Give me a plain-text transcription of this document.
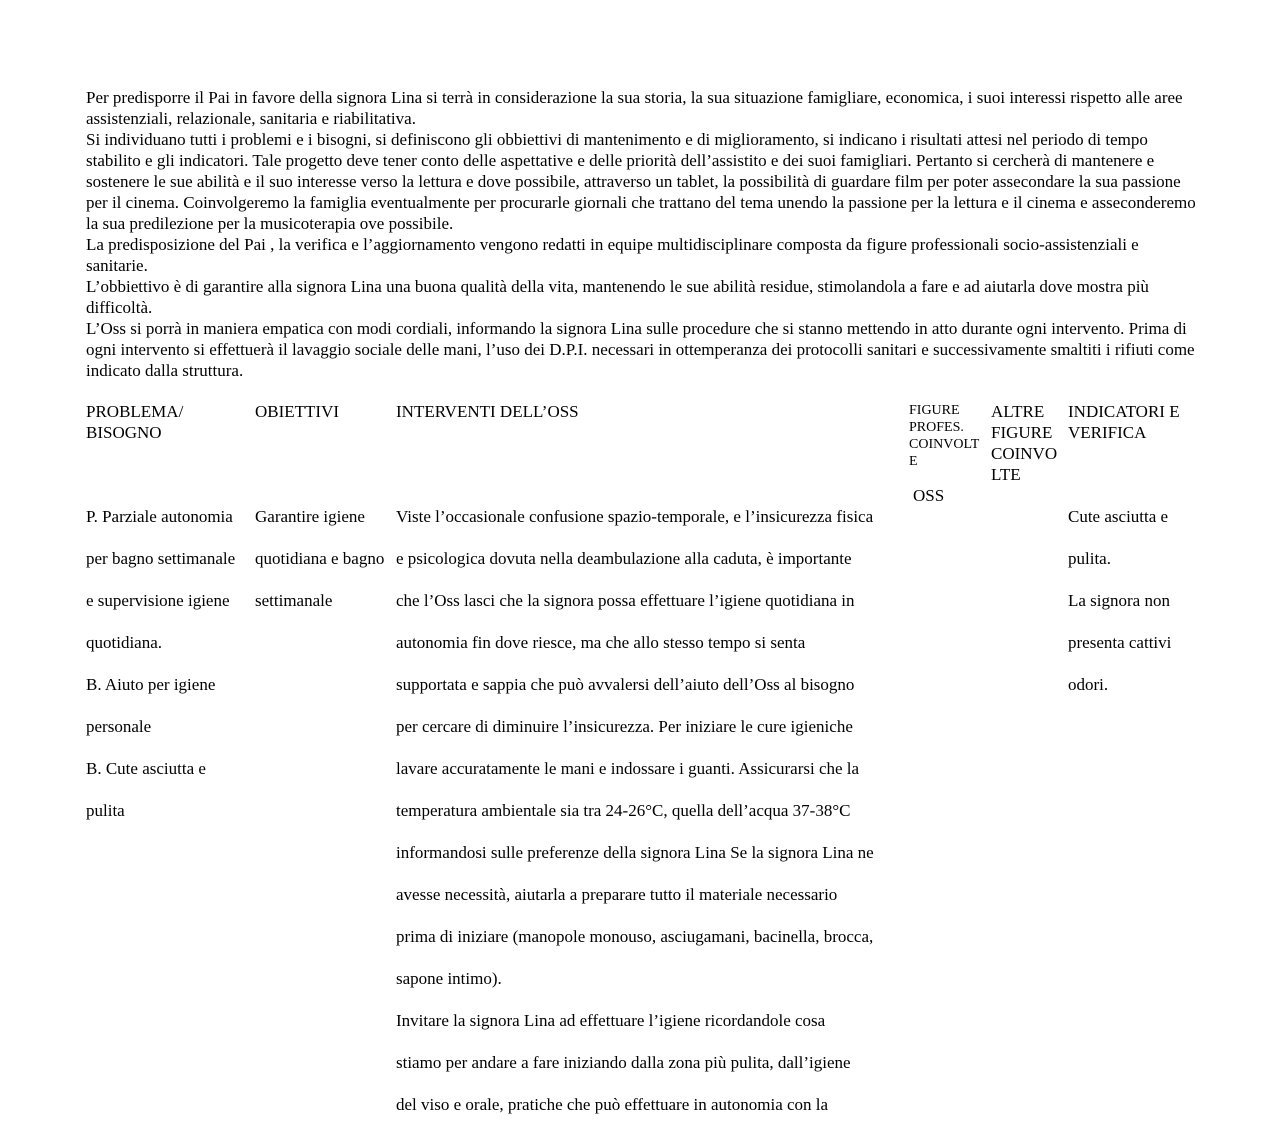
Per predisporre il Pai in favore della signora Lina si terrà in considerazione la sua storia, la sua situazione famigliare, economica, i suoi interessi rispetto alle aree assistenziali, relazionale, sanitaria e riabilitativa.

Si individuano tutti i problemi e i bisogni, si definiscono gli obbiettivi di mantenimento e di miglioramento, si indicano i risultati attesi nel periodo di tempo stabilito e gli indicatori. Tale progetto deve tener conto delle aspettative e delle priorità dell’assistito e dei suoi famigliari. Pertanto si cercherà di mantenere e sostenere le sue abilità e il suo interesse verso la lettura e dove possibile, attraverso un tablet, la possibilità di guardare film per poter assecondare la sua passione per il cinema. Coinvolgeremo la famiglia eventualmente per procurarle giornali che trattano del tema unendo la passione per la lettura e il cinema e asseconderemo la sua predilezione per la musicoterapia ove possibile.

La predisposizione del Pai , la verifica e l’aggiornamento vengono redatti in equipe multidisciplinare composta da figure professionali socio-assistenziali e sanitarie.

L’obbiettivo è di garantire alla signora Lina una buona qualità della vita, mantenendo le sue abilità residue, stimolandola a fare e ad aiutarla dove mostra più difficoltà.

L’Oss si porrà in maniera empatica con modi cordiali, informando la signora Lina sulle procedure che si stanno mettendo in atto durante ogni intervento. Prima di ogni intervento si effettuerà il lavaggio sociale delle mani, l’uso dei D.P.I. necessari in ottemperanza dei protocolli sanitari e successivamente smaltiti i rifiuti come indicato dalla struttura.

PROBLEMA/
BISOGNO
OBIETTIVI	INTERVENTI DELL’OSS	FIGURE
PROFES.
COINVOLT
E
ALTRE
FIGURE
COINVO
LTE
INDICATORI E
VERIFICA

P. Parziale autonomia

per bagno settimanale

e supervisione igiene

quotidiana.

B. Aiuto per igiene

personale

B. Cute asciutta e

pulita

Garantire igiene

quotidiana e bagno

settimanale

Viste l’occasionale confusione spazio-temporale, e l’insicurezza fisica

e psicologica dovuta nella deambulazione alla caduta, è importante

che l’Oss lasci che la signora possa effettuare l’igiene quotidiana in

autonomia fin dove riesce, ma che allo stesso tempo si senta

supportata e sappia che può avvalersi dell’aiuto dell’Oss al bisogno

per cercare di diminuire l’insicurezza. Per iniziare le cure igieniche

lavare accuratamente le mani e indossare i guanti. Assicurarsi che la

temperatura ambientale sia tra 24-26°C, quella dell’acqua 37-38°C

informandosi sulle preferenze della signora Lina Se la signora Lina ne

avesse necessità, aiutarla a preparare tutto il materiale necessario

prima di iniziare (manopole monouso, asciugamani, bacinella, brocca,

sapone intimo).

Invitare la signora Lina ad effettuare l’igiene ricordandole cosa

stiamo per andare a fare iniziando dalla zona più pulita, dall’igiene

del viso e orale, pratiche che può effettuare in autonomia con la

OSS

Cute asciutta e

pulita.

La signora non

presenta cattivi

odori.
